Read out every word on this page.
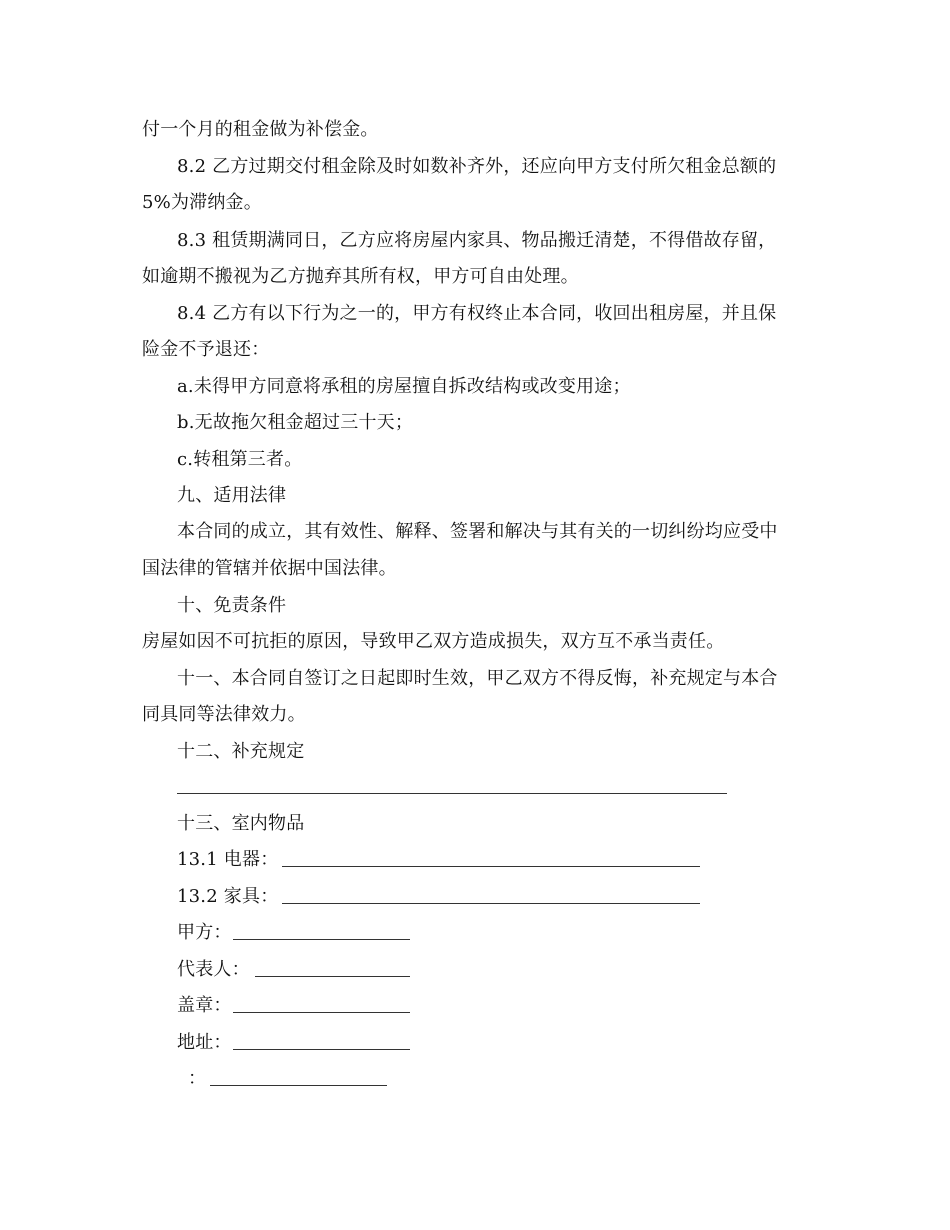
付一个月的租金做为补偿金。
8.2 乙方过期交付租金除及时如数补齐外，还应向甲方支付所欠租金总额的
5%为滞纳金。
8.3 租赁期满同日，乙方应将房屋内家具、物品搬迁清楚，不得借故存留，
如逾期不搬视为乙方抛弃其所有权，甲方可自由处理。
8.4 乙方有以下行为之一的，甲方有权终止本合同，收回出租房屋，并且保
险金不予退还：
a.未得甲方同意将承租的房屋擅自拆改结构或改变用途；
b.无故拖欠租金超过三十天；
c.转租第三者。
九、适用法律
本合同的成立，其有效性、解释、签署和解决与其有关的一切纠纷均应受中
国法律的管辖并依据中国法律。
十、免责条件
房屋如因不可抗拒的原因，导致甲乙双方造成损失，双方互不承当责任。
十一、本合同自签订之日起即时生效，甲乙双方不得反悔，补充规定与本合
同具同等法律效力。
十二、补充规定
十三、室内物品
13.1 电器：
13.2 家具：
甲方：
代表人：
盖章：
地址：
：
